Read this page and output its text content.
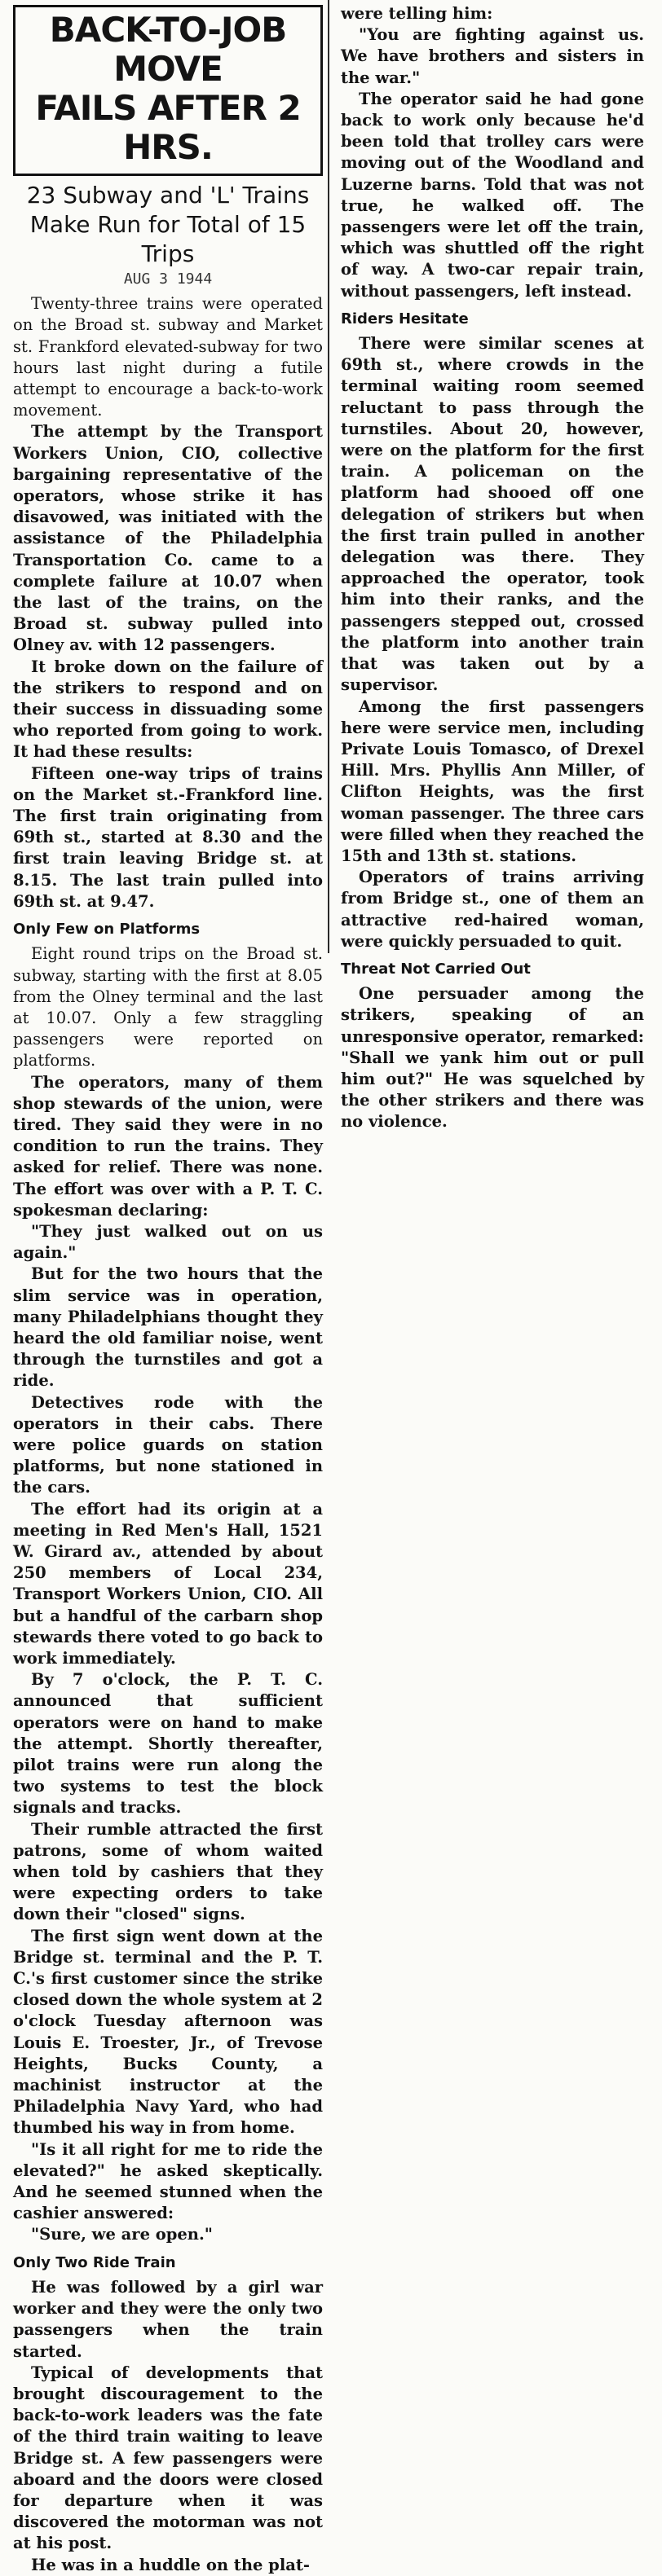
BACK-TO-JOB MOVE
FAILS AFTER 2 HRS.
23 Subway and 'L' Trains Make Run for Total of 15 Trips
AUG 3 1944

Twenty-three trains were operated on the Broad st. subway and Market st. Frankford elevated-subway for two hours last night during a futile attempt to encourage a back-to-work movement.

The attempt by the Transport Workers Union, CIO, collective bargaining representative of the operators, whose strike it has disavowed, was initiated with the assistance of the Philadelphia Transportation Co. came to a complete failure at 10.07 when the last of the trains, on the Broad st. subway pulled into Olney av. with 12 passengers.

It broke down on the failure of the strikers to respond and on their success in dissuading some who reported from going to work. It had these results:

Fifteen one-way trips of trains on the Market st.-Frankford line. The first train originating from 69th st., started at 8.30 and the first train leaving Bridge st. at 8.15. The last train pulled into 69th st. at 9.47.

Only Few on Platforms

Eight round trips on the Broad st. subway, starting with the first at 8.05 from the Olney terminal and the last at 10.07. Only a few straggling passengers were reported on platforms.

The operators, many of them shop stewards of the union, were tired. They said they were in no condition to run the trains. They asked for relief. There was none. The effort was over with a P. T. C. spokesman declaring:

"They just walked out on us again."

But for the two hours that the slim service was in operation, many Philadelphians thought they heard the old familiar noise, went through the turnstiles and got a ride.

Detectives rode with the operators in their cabs. There were police guards on station platforms, but none stationed in the cars.

The effort had its origin at a meeting in Red Men's Hall, 1521 W. Girard av., attended by about 250 members of Local 234, Transport Workers Union, CIO. All but a handful of the carbarn shop stewards there voted to go back to work immediately.

By 7 o'clock, the P. T. C. announced that sufficient operators were on hand to make the attempt. Shortly thereafter, pilot trains were run along the two systems to test the block signals and tracks.

Their rumble attracted the first patrons, some of whom waited when told by cashiers that they were expecting orders to take down their "closed" signs.

The first sign went down at the Bridge st. terminal and the P. T. C.'s first customer since the strike closed down the whole system at 2 o'clock Tuesday afternoon was Louis E. Troester, Jr., of Trevose Heights, Bucks County, a machinist instructor at the Philadelphia Navy Yard, who had thumbed his way in from home.

"Is it all right for me to ride the elevated?" he asked skeptically. And he seemed stunned when the cashier answered:

"Sure, we are open."

Only Two Ride Train

He was followed by a girl war worker and they were the only two passengers when the train started.

Typical of developments that brought discouragement to the back-to-work leaders was the fate of the third train waiting to leave Bridge st. A few passengers were aboard and the doors were closed for departure when it was discovered the motorman was not at his post.

He was in a huddle on the plat-

were telling him:

"You are fighting against us. We have brothers and sisters in the war."

The operator said he had gone back to work only because he'd been told that trolley cars were moving out of the Woodland and Luzerne barns. Told that was not true, he walked off. The passengers were let off the train, which was shuttled off the right of way. A two-car repair train, without passengers, left instead.

Riders Hesitate

There were similar scenes at 69th st., where crowds in the terminal waiting room seemed reluctant to pass through the turnstiles. About 20, however, were on the platform for the first train. A policeman on the platform had shooed off one delegation of strikers but when the first train pulled in another delegation was there. They approached the operator, took him into their ranks, and the passengers stepped out, crossed the platform into another train that was taken out by a supervisor.

Among the first passengers here were service men, including Private Louis Tomasco, of Drexel Hill. Mrs. Phyllis Ann Miller, of Clifton Heights, was the first woman passenger. The three cars were filled when they reached the 15th and 13th st. stations.

Operators of trains arriving from Bridge st., one of them an attractive red-haired woman, were quickly persuaded to quit.

Threat Not Carried Out

One persuader among the strikers, speaking of an unresponsive operator, remarked: "Shall we yank him out or pull him out?" He was squelched by the other strikers and there was no violence.
